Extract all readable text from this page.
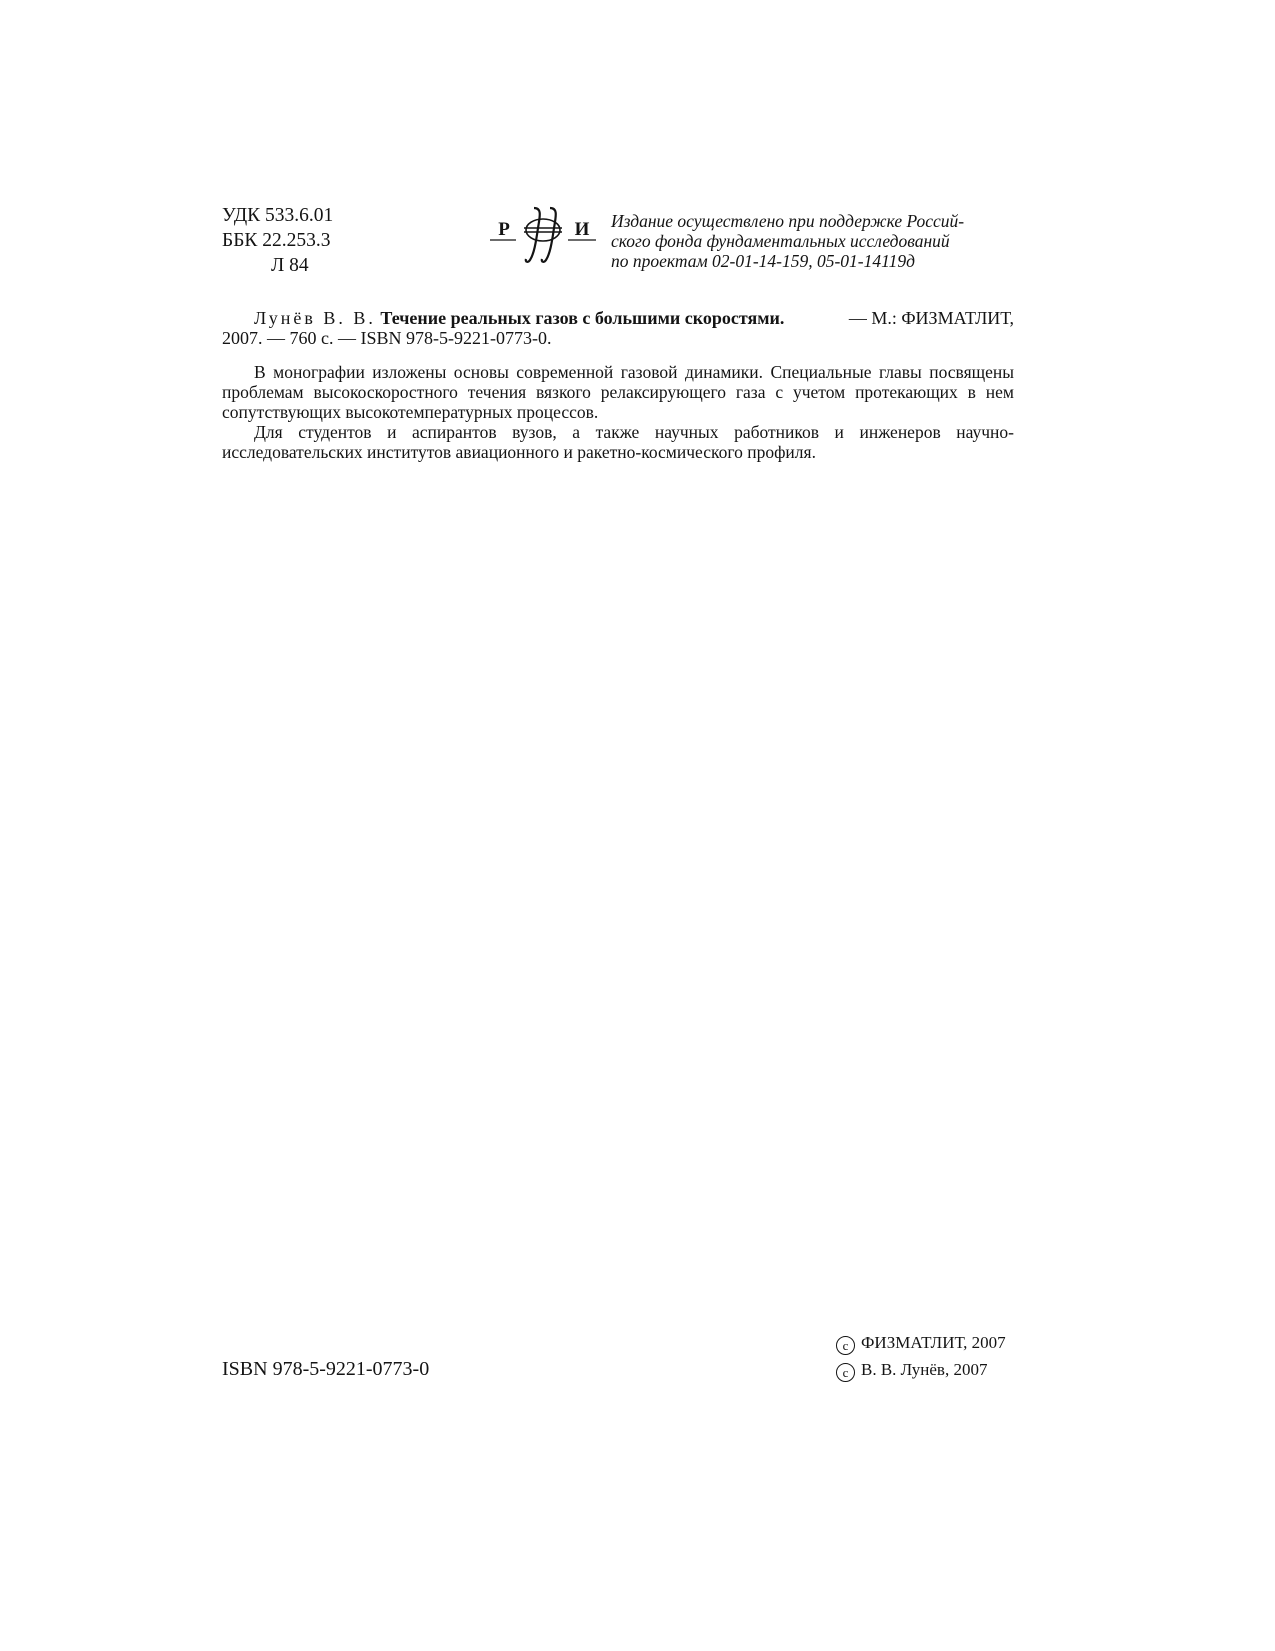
УДК 533.6.01
ББК 22.253.3
Л 84
Р	И Издание осуществлено при поддержке Россий-
ского фонда фундаментальных исследований
по проектам 02-01-14-159, 05-01-14119д
Лунёв В. В. Течение реальных газов с большими скоростями.	— М.: ФИЗМАТЛИТ,
2007. — 760 с. — ISBN 978-5-9221-0773-0.

В монографии изложены основы современной газовой динамики. Специальные главы посвящены проблемам высокоскоростного течения вязкого релаксирующего газа с учетом протекающих в нем сопутствующих высокотемпературных процессов.

Для студентов и аспирантов вузов, а также научных работников и инженеров научно-исследовательских институтов авиационного и ракетно-космического профиля.

ISBN 978-5-9221-0773-0
c ФИЗМАТЛИТ, 2007
c В. В. Лунёв, 2007
